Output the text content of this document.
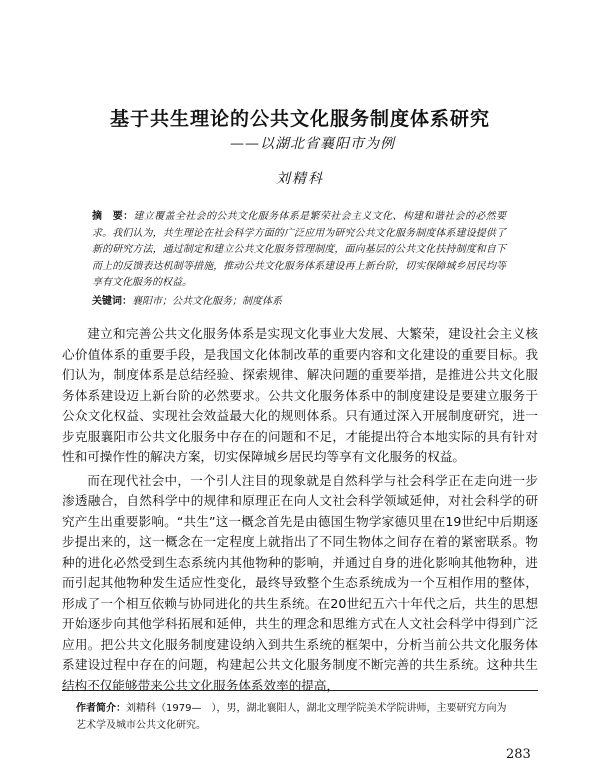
基于共生理论的公共文化服务制度体系研究
——以湖北省襄阳市为例
刘精科
摘　要：建立覆盖全社会的公共文化服务体系是繁荣社会主义文化、构建和谐社会的必然要求。我们认为，共生理论在社会科学方面的广泛应用为研究公共文化服务制度体系建设提供了新的研究方法，通过制定和建立公共文化服务管理制度，面向基层的公共文化扶持制度和自下而上的反馈表达机制等措施，推动公共文化服务体系建设再上新台阶，切实保障城乡居民均等享有文化服务的权益。
关键词：襄阳市；公共文化服务；制度体系

建立和完善公共文化服务体系是实现文化事业大发展、大繁荣，建设社会主义核心价值体系的重要手段，是我国文化体制改革的重要内容和文化建设的重要目标。我们认为，制度体系是总结经验、探索规律、解决问题的重要举措，是推进公共文化服务体系建设迈上新台阶的必然要求。公共文化服务体系中的制度建设是要建立服务于公众文化权益、实现社会效益最大化的规则体系。只有通过深入开展制度研究，进一步克服襄阳市公共文化服务中存在的问题和不足，才能提出符合本地实际的具有针对性和可操作性的解决方案，切实保障城乡居民均等享有文化服务的权益。

而在现代社会中，一个引人注目的现象就是自然科学与社会科学正在走向进一步渗透融合，自然科学中的规律和原理正在向人文社会科学领域延伸，对社会科学的研究产生出重要影响。“共生”这一概念首先是由德国生物学家德贝里在19世纪中后期逐步提出来的，这一概念在一定程度上就指出了不同生物体之间存在着的紧密联系。物种的进化必然受到生态系统内其他物种的影响，并通过自身的进化影响其他物种，进而引起其他物种发生适应性变化，最终导致整个生态系统成为一个互相作用的整体，形成了一个相互依赖与协同进化的共生系统。在20世纪五六十年代之后，共生的思想开始逐步向其他学科拓展和延伸，共生的理念和思维方式在人文社会科学中得到广泛应用。把公共文化服务制度建设纳入到共生系统的框架中，分析当前公共文化服务体系建设过程中存在的问题，构建起公共文化服务制度不断完善的共生系统。这种共生结构不仅能够带来公共文化服务体系效率的提高，

作者简介：刘精科（1979—　），男，湖北襄阳人，湖北文理学院美术学院讲师，主要研究方向为艺术学及城市公共文化研究。
283
